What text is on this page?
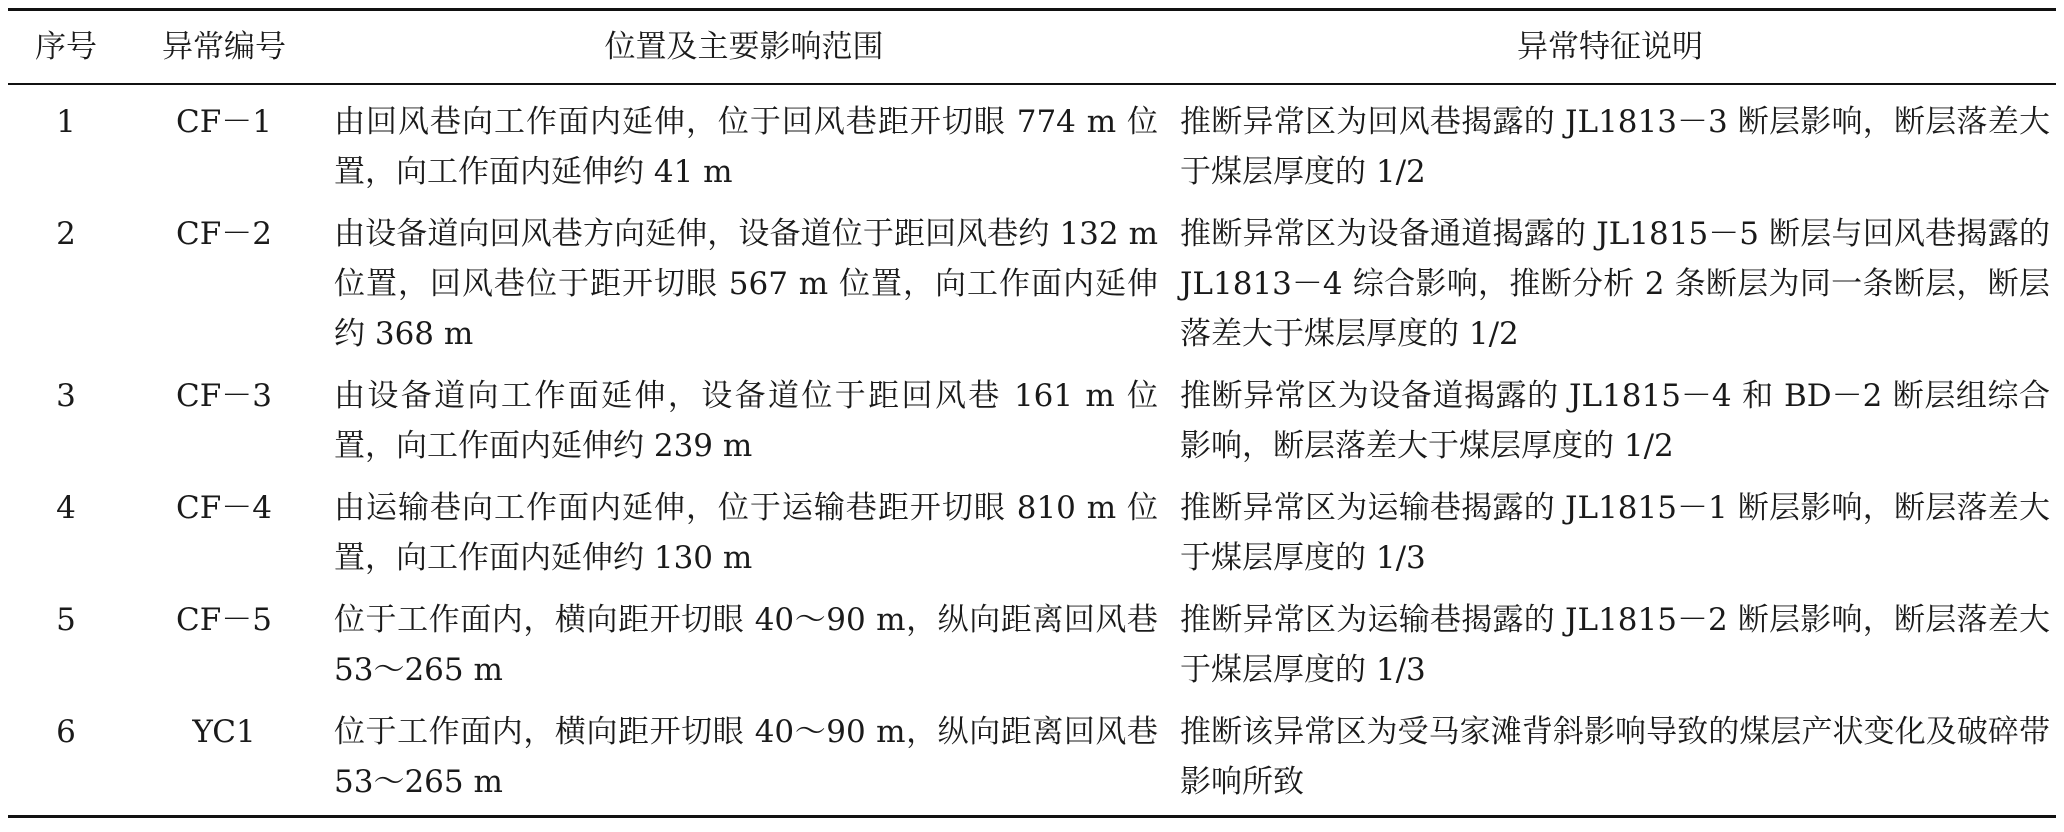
序号	异常编号	位置及主要影响范围	异常特征说明
1	CF－1	由回风巷向工作面内延伸，位于回风巷距开切眼 774 m 位置，向工作面内延伸约 41 m	推断异常区为回风巷揭露的 JL1813－3 断层影响，断层落差大于煤层厚度的 1/2
2	CF－2	由设备道向回风巷方向延伸，设备道位于距回风巷约 132 m 位置，回风巷位于距开切眼 567 m 位置，向工作面内延伸约 368 m	推断异常区为设备通道揭露的 JL1815－5 断层与回风巷揭露的 JL1813－4 综合影响，推断分析 2 条断层为同一条断层，断层落差大于煤层厚度的 1/2
3	CF－3	由设备道向工作面延伸，设备道位于距回风巷 161 m 位置，向工作面内延伸约 239 m	推断异常区为设备道揭露的 JL1815－4 和 BD－2 断层组综合影响，断层落差大于煤层厚度的 1/2
4	CF－4	由运输巷向工作面内延伸，位于运输巷距开切眼 810 m 位置，向工作面内延伸约 130 m	推断异常区为运输巷揭露的 JL1815－1 断层影响，断层落差大于煤层厚度的 1/3
5	CF－5	位于工作面内，横向距开切眼 40～90 m，纵向距离回风巷 53～265 m	推断异常区为运输巷揭露的 JL1815－2 断层影响，断层落差大于煤层厚度的 1/3
6	YC1	位于工作面内，横向距开切眼 40～90 m，纵向距离回风巷 53～265 m	推断该异常区为受马家滩背斜影响导致的煤层产状变化及破碎带影响所致
